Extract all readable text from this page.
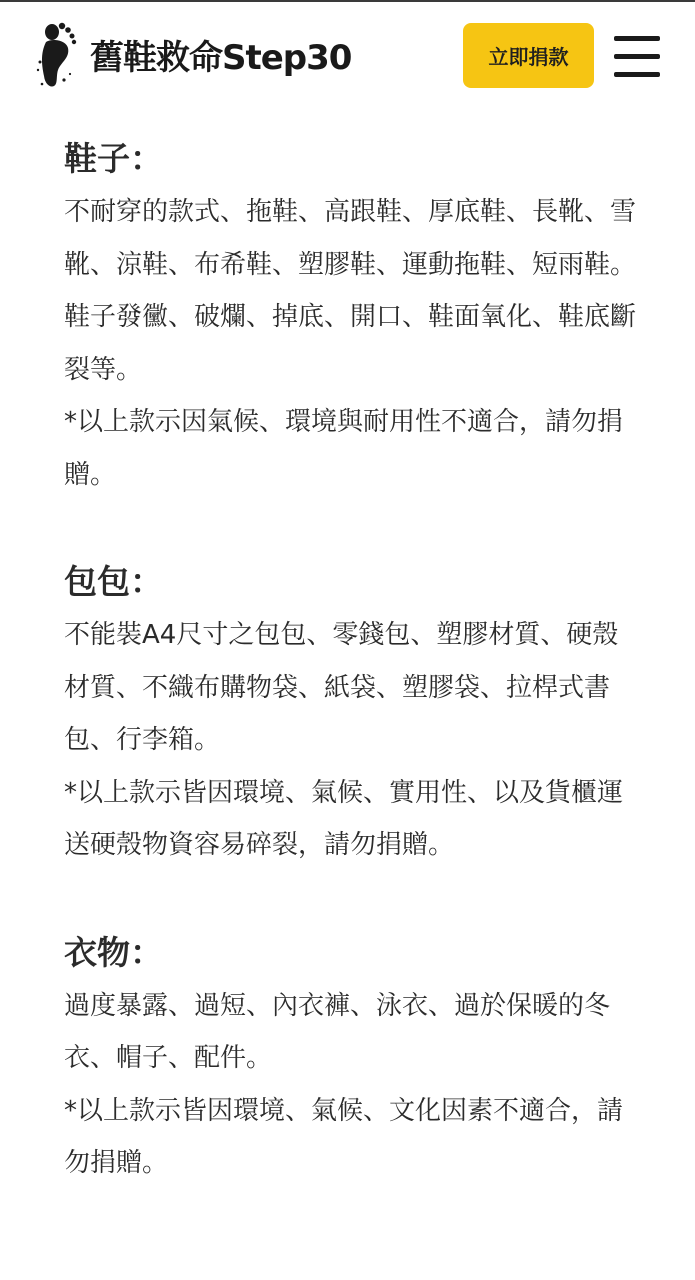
舊鞋救命Step30	立即捐款
鞋子：

不耐穿的款式、拖鞋、高跟鞋、厚底鞋、長靴、雪靴、涼鞋、布希鞋、塑膠鞋、運動拖鞋、短雨鞋。

鞋子發黴、破爛、掉底、開口、鞋面氧化、鞋底斷裂等。

*以上款示因氣候、環境與耐用性不適合，請勿捐贈。

包包：

不能裝A4尺寸之包包、零錢包、塑膠材質、硬殼材質、不織布購物袋、紙袋、塑膠袋、拉桿式書包、行李箱。

*以上款示皆因環境、氣候、實用性、以及貨櫃運送硬殼物資容易碎裂，請勿捐贈。

衣物：

過度暴露、過短、內衣褲、泳衣、過於保暖的冬衣、帽子、配件。

*以上款示皆因環境、氣候、文化因素不適合，請勿捐贈。
